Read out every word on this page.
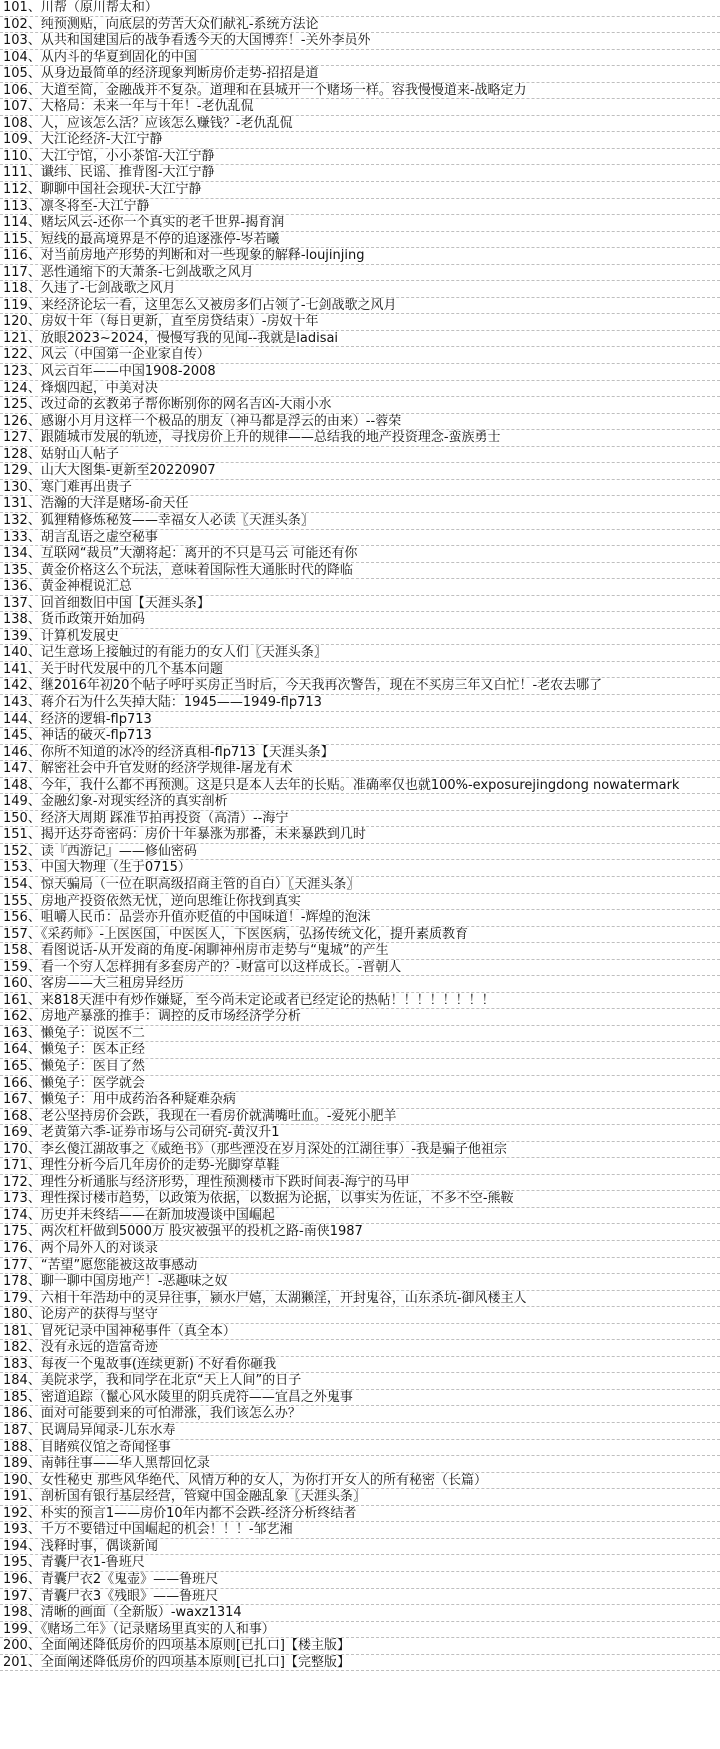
101、川帮（原川帮太和）
102、纯预测贴，向底层的劳苦大众们献礼-系统方法论
103、从共和国建国后的战争看透今天的大国博弈！-关外李员外
104、从内斗的华夏到固化的中国
105、从身边最简单的经济现象判断房价走势-招招是道
106、大道至简，金融战并不复杂。道理和在县城开一个赌场一样。容我慢慢道来-战略定力
107、大格局：未来一年与十年！-老仇乱侃
108、人，应该怎么活？应该怎么赚钱？-老仇乱侃
109、大江论经济-大江宁静
110、大江宁馆，小小茶馆-大江宁静
111、谶纬、民谣、推背图-大江宁静
112、聊聊中国社会现状-大江宁静
113、凛冬将至-大江宁静
114、赌坛风云-还你一个真实的老千世界-揭育润
115、短线的最高境界是不停的追逐涨停-岑若曦
116、对当前房地产形势的判断和对一些现象的解释-loujinjing
117、恶性通缩下的大萧条-七剑战歌之风月
118、久违了-七剑战歌之风月
119、来经济论坛一看，这里怎么又被房多们占领了-七剑战歌之风月
120、房奴十年（每日更新，直至房贷结束）-房奴十年
121、放眼2023~2024，慢慢写我的见闻--我就是ladisai
122、风云（中国第一企业家自传）
123、风云百年——中国1908-2008
124、烽烟四起，中美对决
125、改过命的玄教弟子帮你断别你的网名吉凶-大雨小水
126、感谢小月月这样一个极品的朋友（神马都是浮云的由来）--蓉荣
127、跟随城市发展的轨迹，寻找房价上升的规律——总结我的地产投资理念-蛮族勇士
128、姑射山人帖子
129、山大大图集-更新至20220907
130、寒门难再出贵子
131、浩瀚的大洋是赌场-俞天任
132、狐狸精修炼秘笈——幸福女人必读〖天涯头条〗
133、胡言乱语之虚空秘事
134、互联网“裁员”大潮将起：离开的不只是马云 可能还有你
135、黄金价格这么个玩法，意味着国际性大通胀时代的降临
136、黄金神棍说汇总
137、回首细数旧中国【天涯头条】
138、货币政策开始加码
139、计算机发展史
140、记生意场上接触过的有能力的女人们〖天涯头条〗
141、关于时代发展中的几个基本问题
142、继2016年初20个帖子呼吁买房正当时后，今天我再次警告，现在不买房三年又白忙！-老农去哪了
143、蒋介石为什么失掉大陆：1945——1949-flp713
144、经济的逻辑-flp713
145、神话的破灭-flp713
146、你所不知道的冰冷的经济真相-flp713【天涯头条】
147、解密社会中升官发财的经济学规律-屠龙有术
148、今年，我什么都不再预测。这是只是本人去年的长贴。准确率仅也就100%-exposurejingdong nowatermark
149、金融幻象-对现实经济的真实剖析
150、经济大周期 踩准节拍再投资（高清）--海宁
151、揭开达芬奇密码：房价十年暴涨为那番，未来暴跌到几时
152、读『西游记』——修仙密码
153、中国大物理（生于0715）
154、惊天骗局（一位在职高级招商主管的自白）〖天涯头条〗
155、房地产投资依然无忧，逆向思维让你找到真实
156、咀嚼人民币：品尝亦升值亦贬值的中国味道！-辉煌的泡沫
157、《采药师》-上医医国，中医医人，下医医病，弘扬传统文化，提升素质教育
158、看图说话-从开发商的角度-闲聊神州房市走势与“鬼城”的产生
159、看一个穷人怎样拥有多套房产的？-财富可以这样成长。-晋朝人
160、客房——大三租房异经历
161、来818天涯中有炒作嫌疑，至今尚未定论或者已经定论的热帖！！！！！！！！
162、房地产暴涨的推手：调控的反市场经济学分析
163、懒兔子：说医不二
164、懒兔子：医本正经
165、懒兔子：医目了然
166、懒兔子：医学就会
167、懒兔子：用中成药治各种疑难杂病
168、老公坚持房价会跌，我现在一看房价就满嘴吐血。-爱死小肥羊
169、老黄第六季-证券市场与公司研究-黄汉升1
170、李幺傻江湖故事之《威绝书》（那些湮没在岁月深处的江湖往事）-我是骗子他祖宗
171、理性分析今后几年房价的走势-光脚穿草鞋
172、理性分析通胀与经济形势，理性预测楼市下跌时间表-海宁的马甲
173、理性探讨楼市趋势，以政策为依据，以数据为论据，以事实为佐证，不多不空-熊鞍
174、历史并未终结——在新加坡漫谈中国崛起
175、两次杠杆做到5000万 股灾被强平的投机之路-南侠1987
176、两个局外人的对谈录
177、“苦望”愿您能被这故事感动
178、聊一聊中国房地产！-恶趣味之奴
179、六相十年浩劫中的灵异往事，颍水尸嬉，太湖獭淫，开封鬼谷，山东杀坑-御风楼主人
180、论房产的获得与坚守
181、冒死记录中国神秘事件（真全本）
182、没有永远的造富奇迹
183、每夜一个鬼故事(连续更新) 不好看你砸我
184、美院求学，我和同学在北京“天上人间”的日子
185、密道追踪（鬣心风水陵里的阴兵虎符——宜昌之外鬼事
186、面对可能要到来的可怕滞涨，我们该怎么办？
187、民调局异闻录-儿东水寿
188、目睹殡仪馆之奇闻怪事
189、南韩往事——华人黑帮回忆录
190、女性秘史 那些风华绝代、风情万种的女人，为你打开女人的所有秘密（长篇）
191、剖析国有银行基层经营，管窥中国金融乱象〖天涯头条〗
192、朴实的预言1——房价10年内都不会跌-经济分析终结者
193、千万不要错过中国崛起的机会！！！-邹艺湘
194、浅释时事，偶谈新闻
195、青囊尸衣1-鲁班尺
196、青囊尸衣2《鬼壶》——鲁班尺
197、青囊尸衣3《残眼》——鲁班尺
198、清晰的画面（全新版）-waxz1314
199、《赌场二年》（记录赌场里真实的人和事）
200、全面阐述降低房价的四项基本原则[已扎口]【楼主版】
201、全面阐述降低房价的四项基本原则[已扎口]【完整版】
